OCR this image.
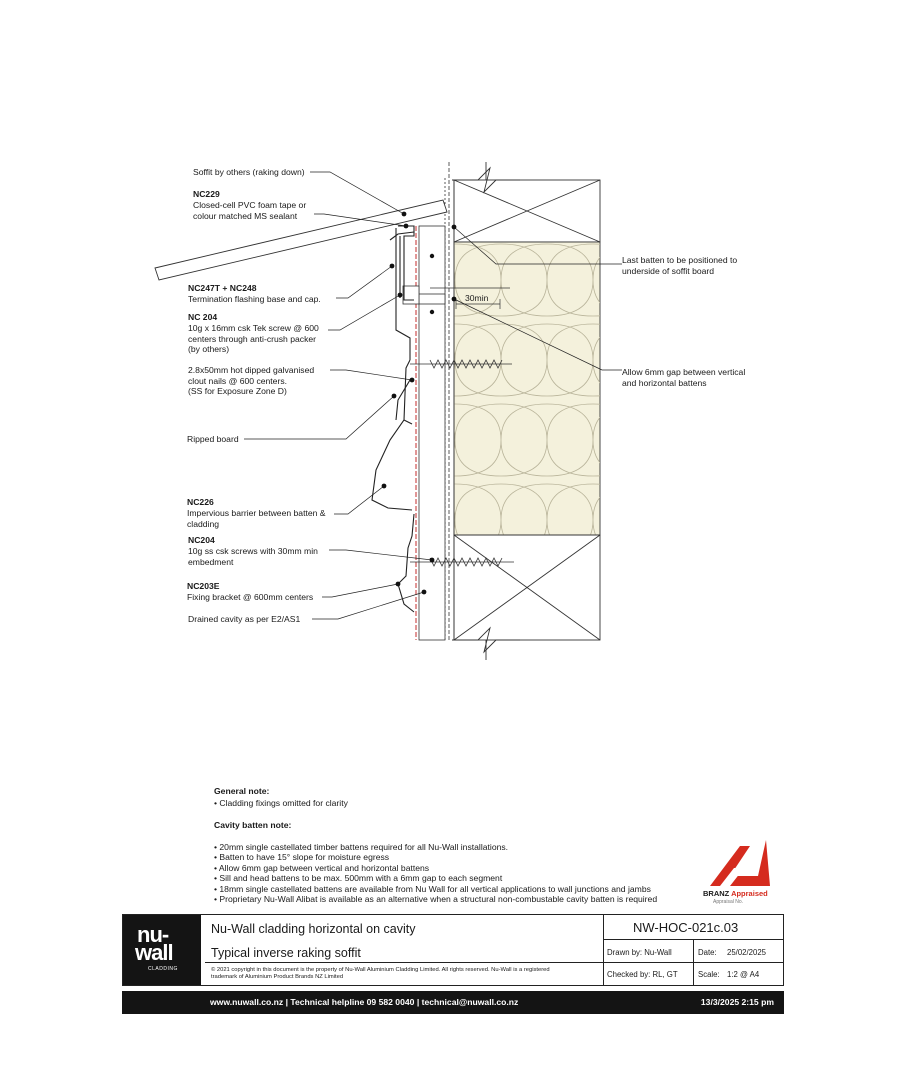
Soffit by others (raking down)
NC229
Closed-cell PVC foam tape or
colour matched MS sealant
NC247T + NC248
Termination flashing base and cap.
NC 204
10g x 16mm csk Tek screw @ 600
centers through anti-crush packer
(by others)
2.8x50mm hot dipped galvanised
clout nails @ 600 centers.
(SS for Exposure Zone D)
Ripped board
NC226
Impervious barrier between batten &
cladding
NC204
10g ss csk screws with 30mm min
embedment
NC203E
Fixing bracket @ 600mm centers
Drained cavity as per E2/AS1
Last batten to be positioned to
underside of soffit board
Allow 6mm gap between vertical
and horizontal battens
30min
General note:
• Cladding fixings omitted for clarity
Cavity batten note:
• 20mm single castellated timber battens required for all Nu-Wall installations.
• Batten to have 15° slope for moisture egress
• Allow 6mm gap between vertical and horizontal battens
• Sill and head battens to be max. 500mm with a 6mm gap to each segment
• 18mm single castellated battens are available from Nu Wall for all vertical applications to wall junctions and jambs
• Proprietary Nu-Wall Alibat is available as an alternative when a structural non-combustable cavity batten is required
BRANZ Appraised
Appraisal No.
nu-
wall
CLADDING
Nu-Wall cladding horizontal on cavity
Typical inverse raking soffit
© 2021 copyright in this document is the property of Nu-Wall Aluminium Cladding Limited. All rights reserved. Nu-Wall is a registered trademark of Aluminium Product Brands NZ Limited
NW-HOC-021c.03
Drawn by: Nu-Wall	Date: 25/02/2025
Checked by: RL, GT	Scale: 1:2 @ A4
www.nuwall.co.nz | Technical helpline 09 582 0040 | technical@nuwall.co.nz	13/3/2025 2:15 pm
